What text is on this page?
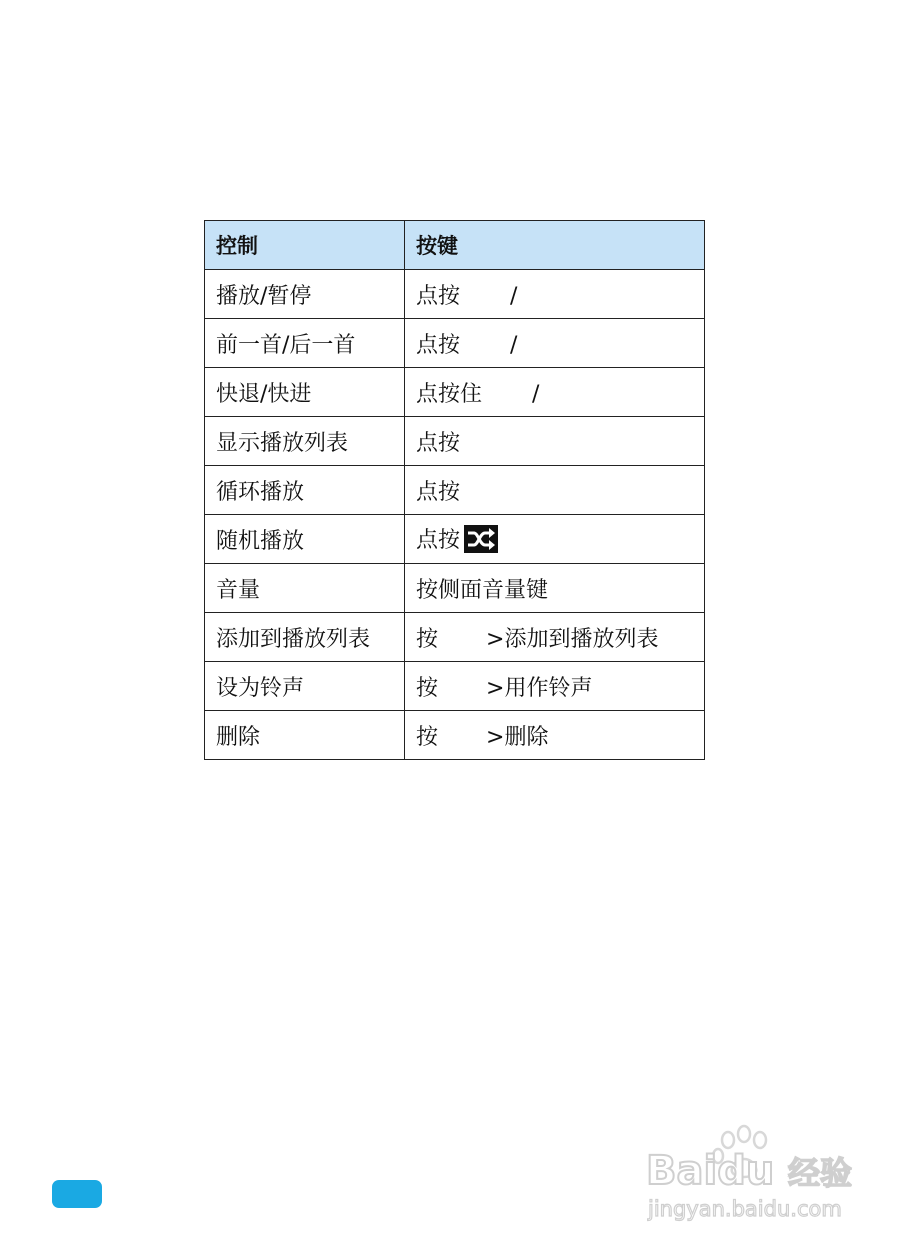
控制	按键
播放/暂停	点按 /
前一首/后一首	点按 /
快退/快进	点按住 /
显示播放列表	点按
循环播放	点按
随机播放	点按

音量	按侧面音量键
添加到播放列表	按 >添加到播放列表
设为铃声	按 >用作铃声
删除	按 >删除
Baidu 经验
jingyan.baidu.com
